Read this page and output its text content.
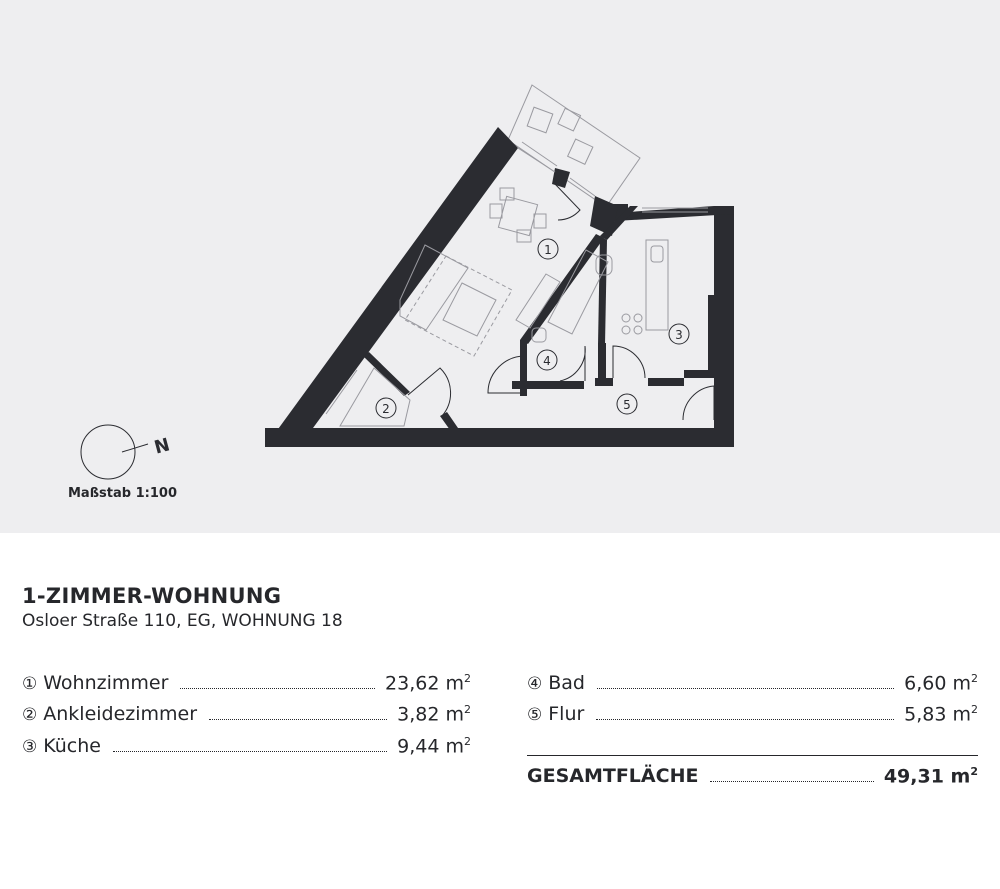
1
2
3
4
5
N
Maßstab 1:100
1-ZIMMER-WOHNUNG
Osloer Straße 110, EG, WOHNUNG 18
① Wohnzimmer	23,62 $m^2$
② Ankleidezimmer	3,82 $m^2$
③ Küche	9,44 $m^2$
④ Bad	6,60 $m^2$
⑤ Flur	5,83 $m^2$
GESAMTFLÄCHE	49,31 $m^2$
